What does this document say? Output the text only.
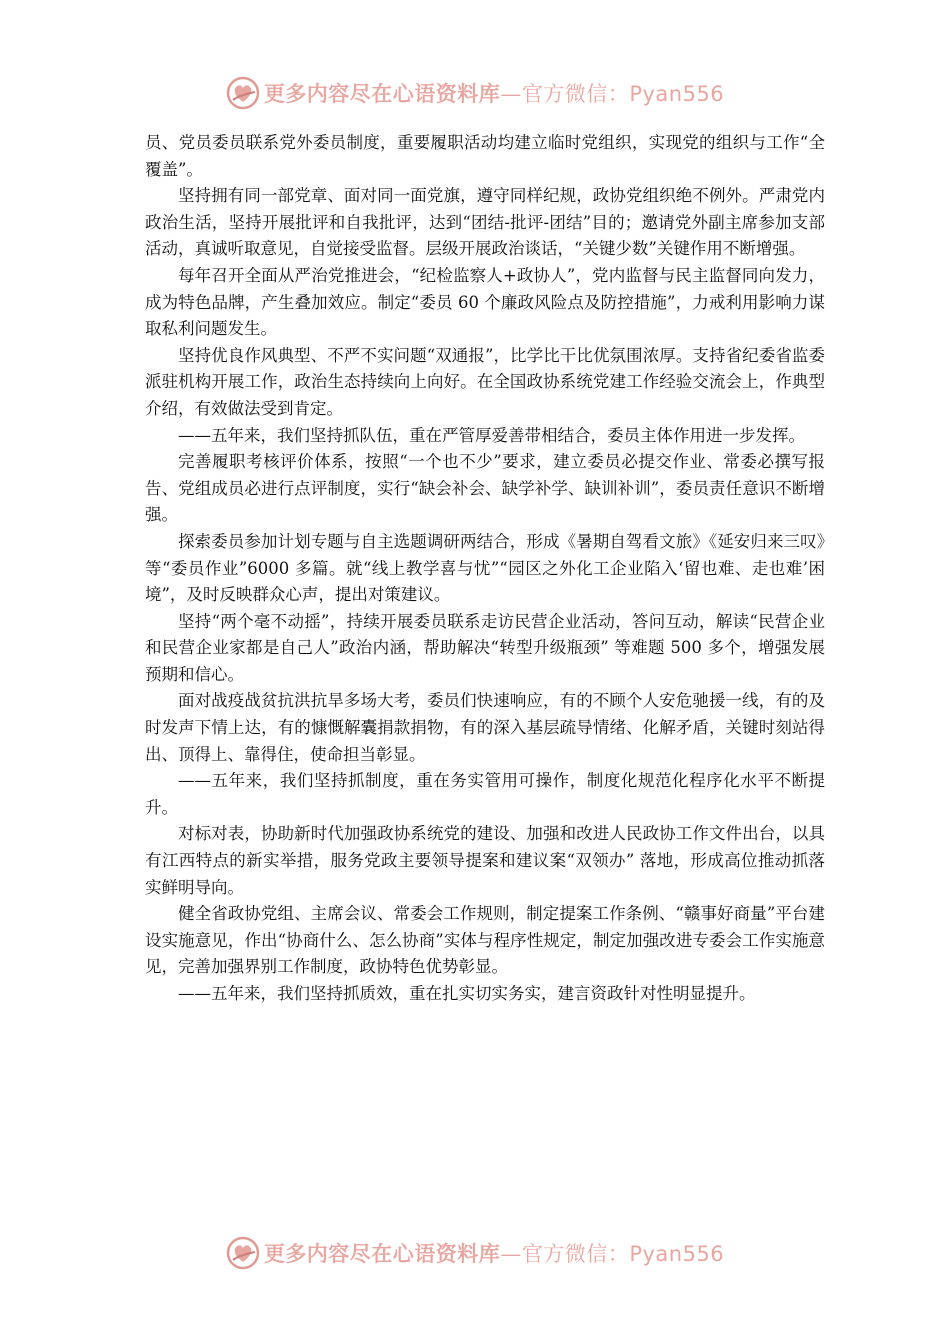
更多内容尽在心语资料库—官方微信：Pyan556

员、党员委员联系党外委员制度，重要履职活动均建立临时党组织，实现党的组织与工作“全覆盖”。

坚持拥有同一部党章、面对同一面党旗，遵守同样纪规，政协党组织绝不例外。严肃党内政治生活，坚持开展批评和自我批评，达到“团结-批评-团结”目的；邀请党外副主席参加支部活动，真诚听取意见，自觉接受监督。层级开展政治谈话，“关键少数”关键作用不断增强。

每年召开全面从严治党推进会，“纪检监察人+政协人”，党内监督与民主监督同向发力，成为特色品牌，产生叠加效应。制定“委员 60 个廉政风险点及防控措施”，力戒利用影响力谋取私利问题发生。

坚持优良作风典型、不严不实问题“双通报”，比学比干比优氛围浓厚。支持省纪委省监委派驻机构开展工作，政治生态持续向上向好。在全国政协系统党建工作经验交流会上，作典型介绍，有效做法受到肯定。

——五年来，我们坚持抓队伍，重在严管厚爱善带相结合，委员主体作用进一步发挥。

完善履职考核评价体系，按照“一个也不少”要求，建立委员必提交作业、常委必撰写报告、党组成员必进行点评制度，实行“缺会补会、缺学补学、缺训补训”，委员责任意识不断增强。

探索委员参加计划专题与自主选题调研两结合，形成《暑期自驾看文旅》《延安归来三叹》等“委员作业”6000 多篇。就“线上教学喜与忧”“园区之外化工企业陷入‘留也难、走也难’困境”，及时反映群众心声，提出对策建议。

坚持“两个毫不动摇”，持续开展委员联系走访民营企业活动，答问互动，解读“民营企业和民营企业家都是自己人”政治内涵，帮助解决“转型升级瓶颈” 等难题 500 多个，增强发展预期和信心。

面对战疫战贫抗洪抗旱多场大考，委员们快速响应，有的不顾个人安危驰援一线，有的及时发声下情上达，有的慷慨解囊捐款捐物，有的深入基层疏导情绪、化解矛盾，关键时刻站得出、顶得上、靠得住，使命担当彰显。

——五年来，我们坚持抓制度，重在务实管用可操作，制度化规范化程序化水平不断提升。

对标对表，协助新时代加强政协系统党的建设、加强和改进人民政协工作文件出台，以具有江西特点的新实举措，服务党政主要领导提案和建议案“双领办” 落地，形成高位推动抓落实鲜明导向。

健全省政协党组、主席会议、常委会工作规则，制定提案工作条例、“赣事好商量”平台建设实施意见，作出“协商什么、怎么协商”实体与程序性规定，制定加强改进专委会工作实施意见，完善加强界别工作制度，政协特色优势彰显。

——五年来，我们坚持抓质效，重在扎实切实务实，建言资政针对性明显提升。

更多内容尽在心语资料库—官方微信：Pyan556
